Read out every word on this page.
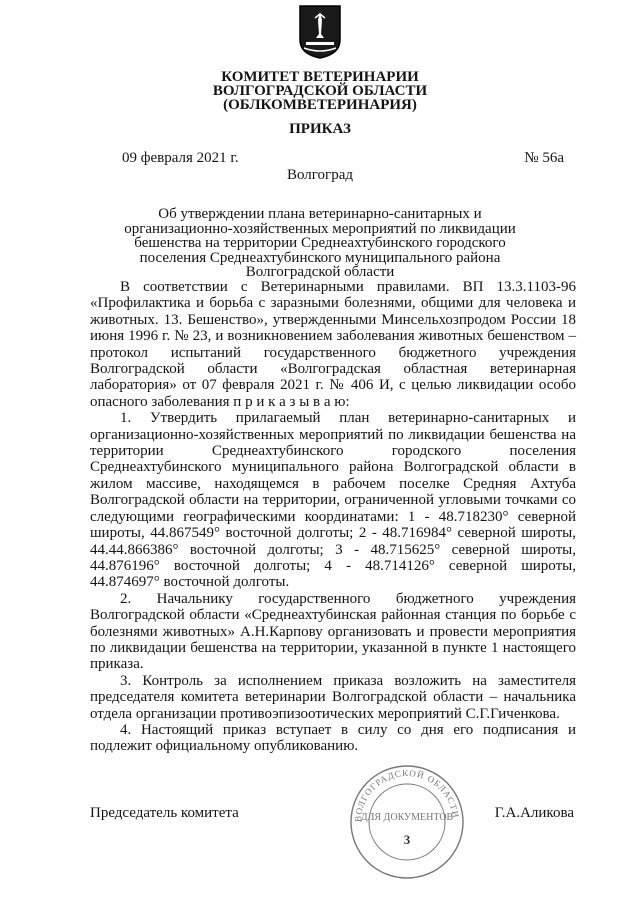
КОМИТЕТ ВЕТЕРИНАРИИ
ВОЛГОГРАДСКОЙ ОБЛАСТИ
(ОБЛКОМВЕТЕРИНАРИЯ)
ПРИКАЗ
09 февраля 2021 г.	№ 56а
Волгоград
Об утверждении плана ветеринарно-санитарных и организационно-хозяйственных мероприятий по ликвидации бешенства на территории Среднеахтубинского городского поселения Среднеахтубинского муниципального района Волгоградской области

В соответствии с Ветеринарными правилами. ВП 13.3.1103-96 «Профилактика и борьба с заразными болезнями, общими для человека и животных. 13. Бешенство», утвержденными Минсельхозпродом России 18 июня 1996 г. № 23, и возникновением заболевания животных бешенством – протокол испытаний государственного бюджетного учреждения Волгоградской области «Волгоградская областная ветеринарная лаборатория» от 07 февраля 2021 г. № 406 И, с целью ликвидации особо опасного заболевания п р и к а з ы в а ю:

1. Утвердить прилагаемый план ветеринарно-санитарных и организационно-хозяйственных мероприятий по ликвидации бешенства на территории Среднеахтубинского городского поселения Среднеахтубинского муниципального района Волгоградской области в жилом массиве, находящемся в рабочем поселке Средняя Ахтуба Волгоградской области на территории, ограниченной угловыми точками со следующими географическими координатами: 1 - 48.718230° северной широты, 44.867549° восточной долготы; 2 - 48.716984° северной широты, 44.44.866386° восточной долготы; 3 - 48.715625° северной широты, 44.876196° восточной долготы; 4 - 48.714126° северной широты, 44.874697° восточной долготы.

2. Начальнику государственного бюджетного учреждения Волгоградской области «Среднеахтубинская районная станция по борьбе с болезнями животных» А.Н.Карпову организовать и провести мероприятия по ликвидации бешенства на территории, указанной в пункте 1 настоящего приказа.

3. Контроль за исполнением приказа возложить на заместителя председателя комитета ветеринарии Волгоградской области – начальника отдела организации противоэпизоотических мероприятий С.Г.Гиченкова.

4. Настоящий приказ вступает в силу со дня его подписания и подлежит официальному опубликованию.

Председатель комитета	Г.А.Аликова
ВОЛГОГРАДСКОЙ ОБЛАСТИ
ДЛЯ ДОКУМЕНТОВ
3
